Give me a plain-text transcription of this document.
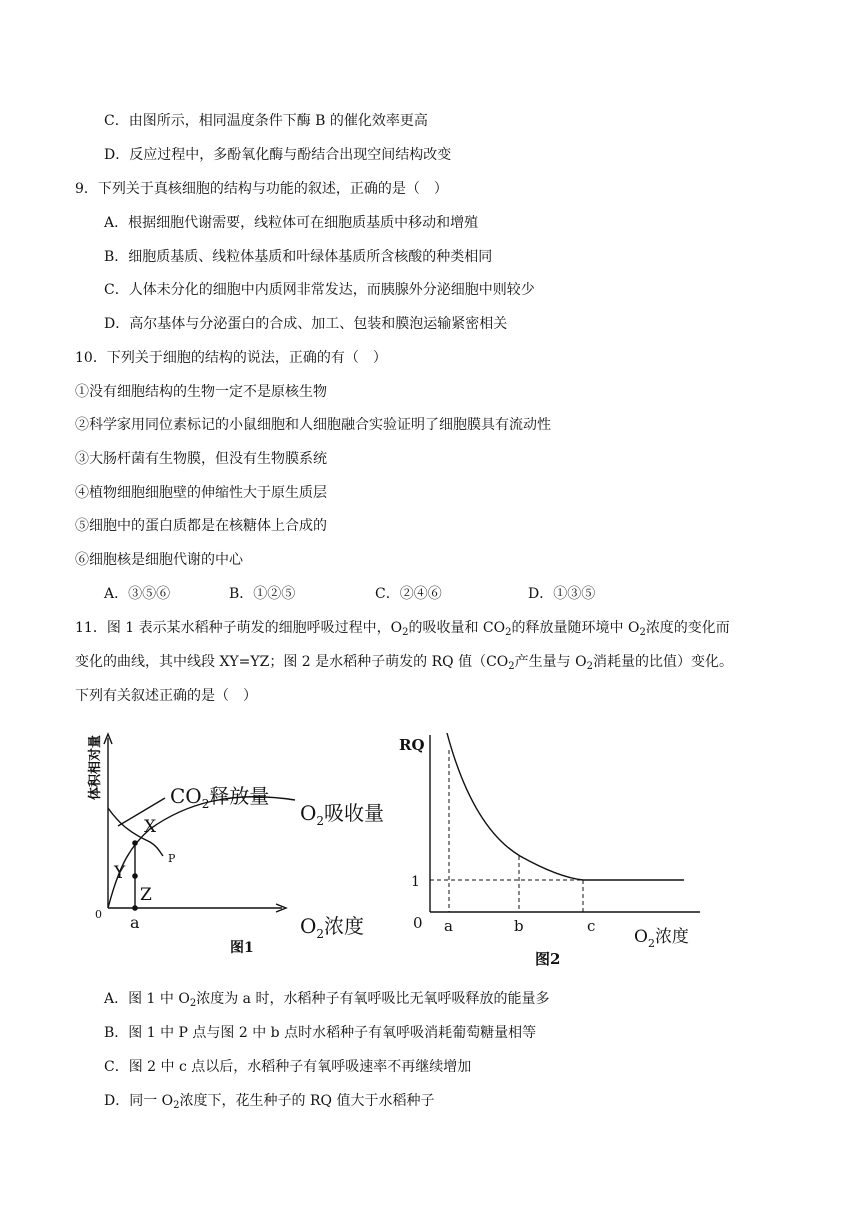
C．由图所示，相同温度条件下酶 B 的催化效率更高
D．反应过程中，多酚氧化酶与酚结合出现空间结构改变
9．下列关于真核细胞的结构与功能的叙述，正确的是（　）
A．根据细胞代谢需要，线粒体可在细胞质基质中移动和增殖
B．细胞质基质、线粒体基质和叶绿体基质所含核酸的种类相同
C．人体未分化的细胞中内质网非常发达，而胰腺外分泌细胞中则较少
D．高尔基体与分泌蛋白的合成、加工、包装和膜泡运输紧密相关
10．下列关于细胞的结构的说法，正确的有（　）
①没有细胞结构的生物一定不是原核生物
②科学家用同位素标记的小鼠细胞和人细胞融合实验证明了细胞膜具有流动性
③大肠杆菌有生物膜，但没有生物膜系统
④植物细胞细胞壁的伸缩性大于原生质层
⑤细胞中的蛋白质都是在核糖体上合成的
⑥细胞核是细胞代谢的中心
A．③⑤⑥	B．①②⑤	C．②④⑥	D．①③⑤
11．图 1 表示某水稻种子萌发的细胞呼吸过程中，$O_2$的吸收量和 $CO_2$的释放量随环境中 $O_2$浓度的变化而
变化的曲线，其中线段 XY=YZ；图 2 是水稻种子萌发的 RQ 值（$CO_2$产生量与 $O_2$消耗量的比值）变化。
下列有关叙述正确的是（　）
体积相对量	$CO_2$释放量
$O_2$吸收量
X
Y
Z
P
0 a	$O_2$浓度
图1
RQ
1
0 a	b	c
$O_2$浓度
图2
A．图 1 中 $O_2$浓度为 a 时，水稻种子有氧呼吸比无氧呼吸释放的能量多
B．图 1 中 P 点与图 2 中 b 点时水稻种子有氧呼吸消耗葡萄糖量相等
C．图 2 中 c 点以后，水稻种子有氧呼吸速率不再继续增加
D．同一 $O_2$浓度下，花生种子的 RQ 值大于水稻种子
